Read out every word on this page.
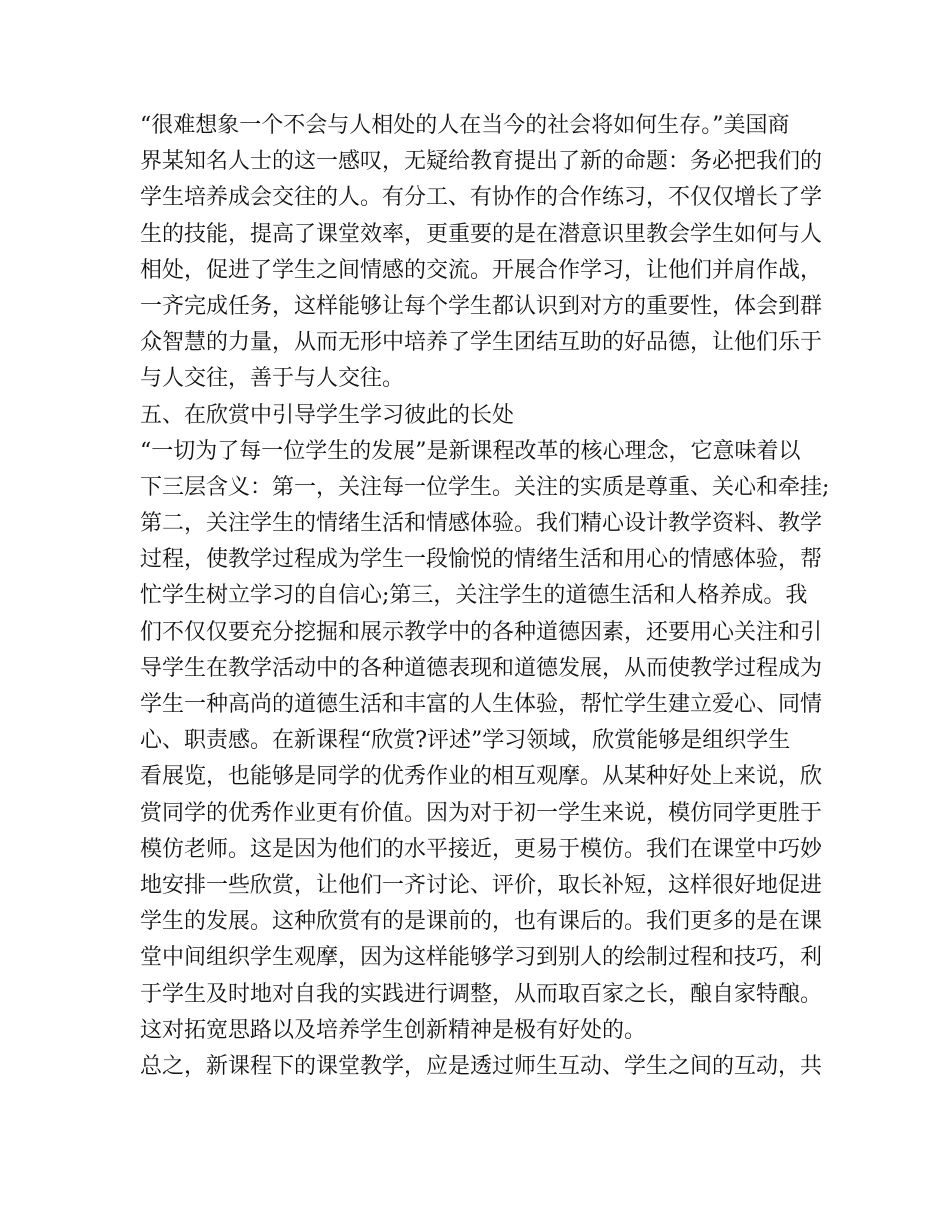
“很难想象一个不会与人相处的人在当今的社会将如何生存。”美国商
界某知名人士的这一感叹，无疑给教育提出了新的命题：务必把我们的
学生培养成会交往的人。有分工、有协作的合作练习，不仅仅增长了学
生的技能，提高了课堂效率，更重要的是在潜意识里教会学生如何与人
相处，促进了学生之间情感的交流。开展合作学习，让他们并肩作战，
一齐完成任务，这样能够让每个学生都认识到对方的重要性，体会到群
众智慧的力量，从而无形中培养了学生团结互助的好品德，让他们乐于
与人交往，善于与人交往。
五、在欣赏中引导学生学习彼此的长处
“一切为了每一位学生的发展”是新课程改革的核心理念，它意味着以
下三层含义：第一，关注每一位学生。关注的实质是尊重、关心和牵挂;
第二，关注学生的情绪生活和情感体验。我们精心设计教学资料、教学
过程，使教学过程成为学生一段愉悦的情绪生活和用心的情感体验，帮
忙学生树立学习的自信心;第三，关注学生的道德生活和人格养成。我
们不仅仅要充分挖掘和展示教学中的各种道德因素，还要用心关注和引
导学生在教学活动中的各种道德表现和道德发展，从而使教学过程成为
学生一种高尚的道德生活和丰富的人生体验，帮忙学生建立爱心、同情
心、职责感。在新课程“欣赏?评述”学习领域，欣赏能够是组织学生
看展览，也能够是同学的优秀作业的相互观摩。从某种好处上来说，欣
赏同学的优秀作业更有价值。因为对于初一学生来说，模仿同学更胜于
模仿老师。这是因为他们的水平接近，更易于模仿。我们在课堂中巧妙
地安排一些欣赏，让他们一齐讨论、评价，取长补短，这样很好地促进
学生的发展。这种欣赏有的是课前的，也有课后的。我们更多的是在课
堂中间组织学生观摩，因为这样能够学习到别人的绘制过程和技巧，利
于学生及时地对自我的实践进行调整，从而取百家之长，酿自家特酿。
这对拓宽思路以及培养学生创新精神是极有好处的。
总之，新课程下的课堂教学，应是透过师生互动、学生之间的互动，共
